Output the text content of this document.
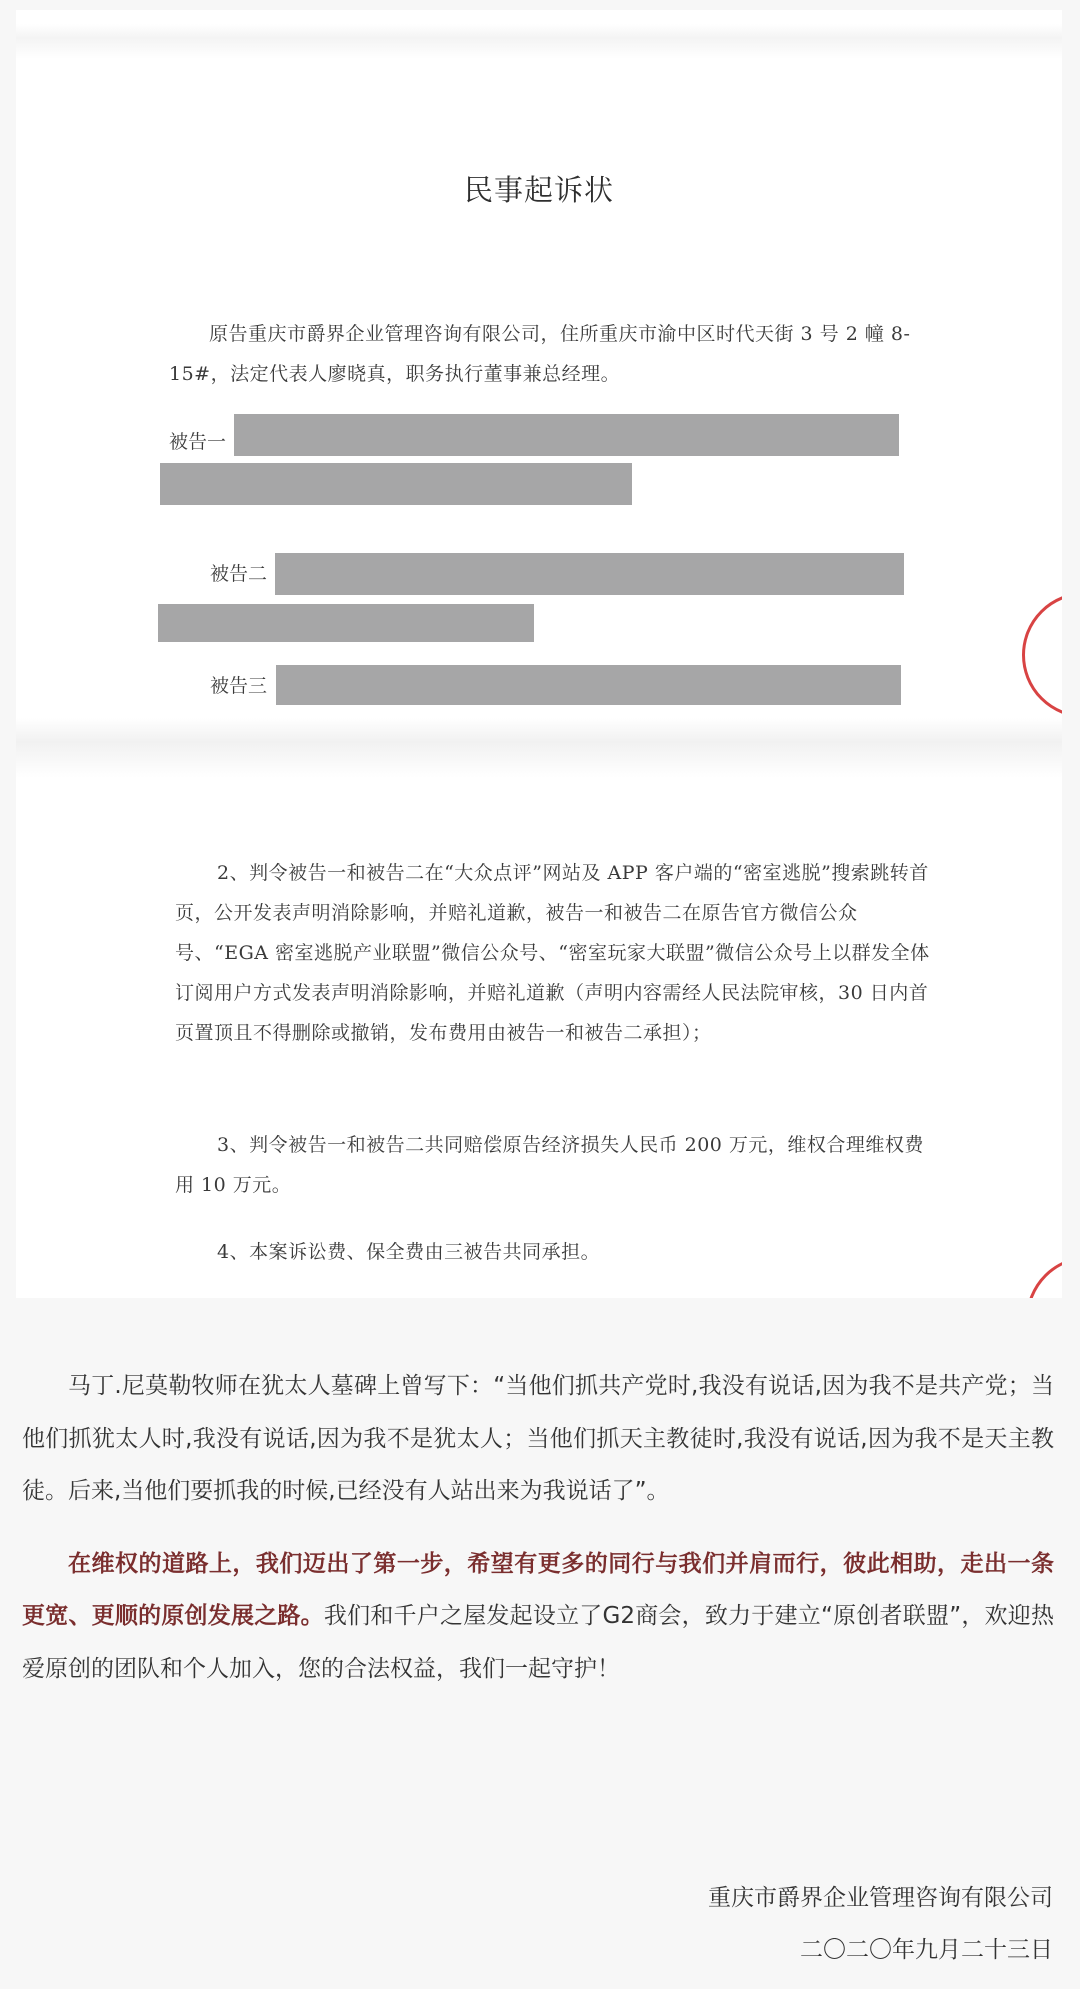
民事起诉状
原告重庆市爵界企业管理咨询有限公司，住所重庆市渝中区时代天街 3 号 2 幢 8-15#，法定代表人廖晓真，职务执行董事兼总经理。
被告一
被告二
被告三
2、判令被告一和被告二在“大众点评”网站及 APP 客户端的“密室逃脱”搜索跳转首页，公开发表声明消除影响，并赔礼道歉，被告一和被告二在原告官方微信公众号、“EGA 密室逃脱产业联盟”微信公众号、“密室玩家大联盟”微信公众号上以群发全体订阅用户方式发表声明消除影响，并赔礼道歉（声明内容需经人民法院审核，30 日内首页置顶且不得删除或撤销，发布费用由被告一和被告二承担）；
3、判令被告一和被告二共同赔偿原告经济损失人民币 200 万元，维权合理维权费用 10 万元。
4、本案诉讼费、保全费由三被告共同承担。

马丁.尼莫勒牧师在犹太人墓碑上曾写下：“当他们抓共产党时,我没有说话,因为我不是共产党；当他们抓犹太人时,我没有说话,因为我不是犹太人；当他们抓天主教徒时,我没有说话,因为我不是天主教徒。后来,当他们要抓我的时候,已经没有人站出来为我说话了”。

在维权的道路上，我们迈出了第一步，希望有更多的同行与我们并肩而行，彼此相助，走出一条更宽、更顺的原创发展之路。我们和千户之屋发起设立了G2商会，致力于建立“原创者联盟”，欢迎热爱原创的团队和个人加入，您的合法权益，我们一起守护！

重庆市爵界企业管理咨询有限公司
二〇二〇年九月二十三日
